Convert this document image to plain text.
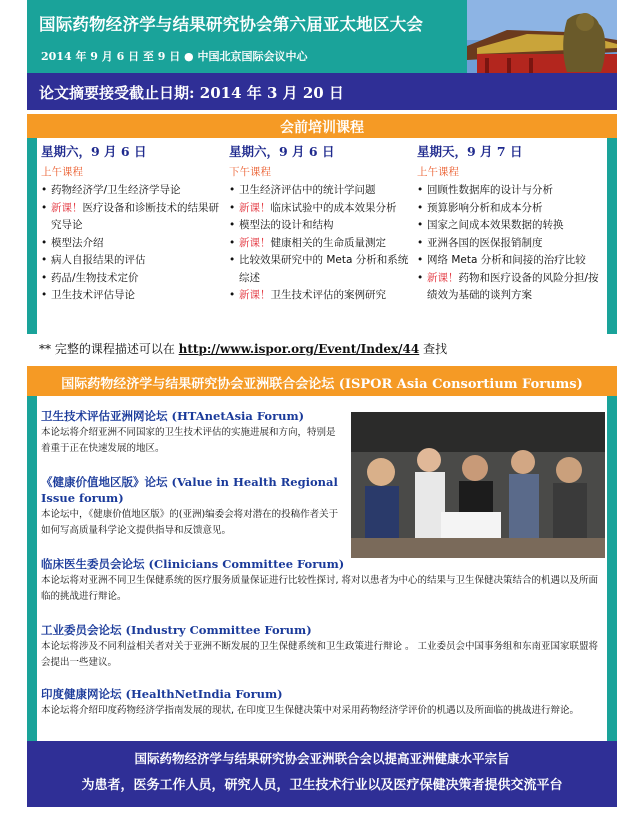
国际药物经济学与结果研究协会第六届亚太地区大会
2014 年 9 月 6 日 至 9 日 ● 中国北京国际会议中心
论文摘要接受截止日期: 2014 年 3 月 20 日
会前培训课程
星期六，9 月 6 日
上午课程
• 药物经济学/卫生经济学导论
• 新课！医疗设备和诊断技术的结果研究导论
• 模型法介绍
• 病人自报结果的评估
• 药品/生物技术定价
• 卫生技术评估导论
星期六，9 月 6 日
下午课程
• 卫生经济评估中的统计学问题
• 新课！临床试验中的成本效果分析
• 模型法的设计和结构
• 新课！健康相关的生命质量测定
• 比较效果研究中的 Meta 分析和系统综述
• 新课！卫生技术评估的案例研究
星期天，9 月 7 日
上午课程
• 回顾性数据库的设计与分析
• 预算影响分析和成本分析
• 国家之间成本效果数据的转换
• 亚洲各国的医保报销制度
• 网络 Meta 分析和间接的治疗比较
• 新课！药物和医疗设备的风险分担/按绩效为基础的谈判方案
** 完整的课程描述可以在 http://www.ispor.org/Event/Index/44 查找
国际药物经济学与结果研究协会亚洲联合会论坛 (ISPOR Asia Consortium Forums)
卫生技术评估亚洲网论坛 (HTAnetAsia Forum)
本论坛将介绍亚洲不同国家的卫生技术评估的实施进展和方向，特别是着重于正在快速发展的地区。
《健康价值地区版》论坛 (Value in Health Regional Issue forum)
本论坛中，《健康价值地区版》的(亚洲)编委会将对潜在的投稿作者关于如何写高质量科学论文提供指导和反馈意见。
临床医生委员会论坛 (Clinicians Committee Forum)
本论坛将对亚洲不同卫生保健系统的医疗服务质量保证进行比较性探讨, 将对以患者为中心的结果与卫生保健决策结合的机遇以及所面临的挑战进行辩论。
工业委员会论坛 (Industry Committee Forum)
本论坛将涉及不同利益相关者对关于亚洲不断发展的卫生保健系统和卫生政策进行辩论 。 工业委员会中国事务组和东南亚国家联盟将会提出一些建议。
印度健康网论坛 (HealthNetIndia Forum)
本论坛将介绍印度药物经济学指南发展的现状, 在印度卫生保健决策中对采用药物经济学评价的机遇以及所面临的挑战进行辩论。
国际药物经济学与结果研究协会亚洲联合会以提高亚洲健康水平宗旨
为患者，医务工作人员，研究人员，卫生技术行业以及医疗保健决策者提供交流平台
